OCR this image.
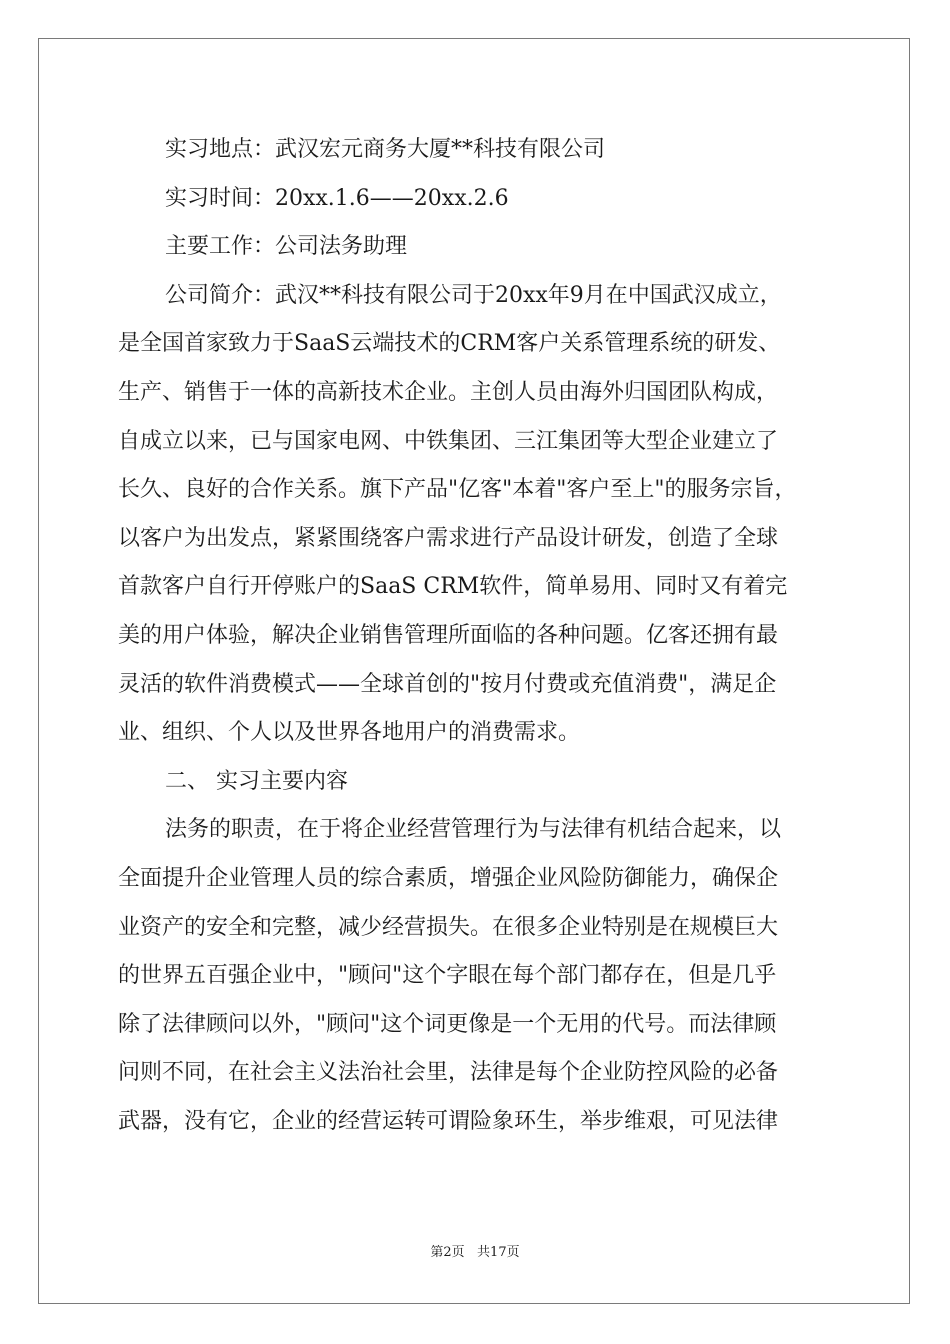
实习地点：武汉宏元商务大厦**科技有限公司
实习时间：20xx.1.6——20xx.2.6
主要工作：公司法务助理
公司简介：武汉**科技有限公司于20xx年9月在中国武汉成立，
是全国首家致力于SaaS云端技术的CRM客户关系管理系统的研发、
生产、销售于一体的高新技术企业。主创人员由海外归国团队构成，
自成立以来，已与国家电网、中铁集团、三江集团等大型企业建立了
长久、良好的合作关系。旗下产品"亿客"本着"客户至上"的服务宗旨，
以客户为出发点，紧紧围绕客户需求进行产品设计研发，创造了全球
首款客户自行开停账户的SaaS CRM软件，简单易用、同时又有着完
美的用户体验，解决企业销售管理所面临的各种问题。亿客还拥有最
灵活的软件消费模式——全球首创的"按月付费或充值消费"，满足企
业、组织、个人以及世界各地用户的消费需求。
二、 实习主要内容
法务的职责，在于将企业经营管理行为与法律有机结合起来，以
全面提升企业管理人员的综合素质，增强企业风险防御能力，确保企
业资产的安全和完整，减少经营损失。在很多企业特别是在规模巨大
的世界五百强企业中，"顾问"这个字眼在每个部门都存在，但是几乎
除了法律顾问以外，"顾问"这个词更像是一个无用的代号。而法律顾
问则不同，在社会主义法治社会里，法律是每个企业防控风险的必备
武器，没有它，企业的经营运转可谓险象环生，举步维艰，可见法律
第2页   共17页
